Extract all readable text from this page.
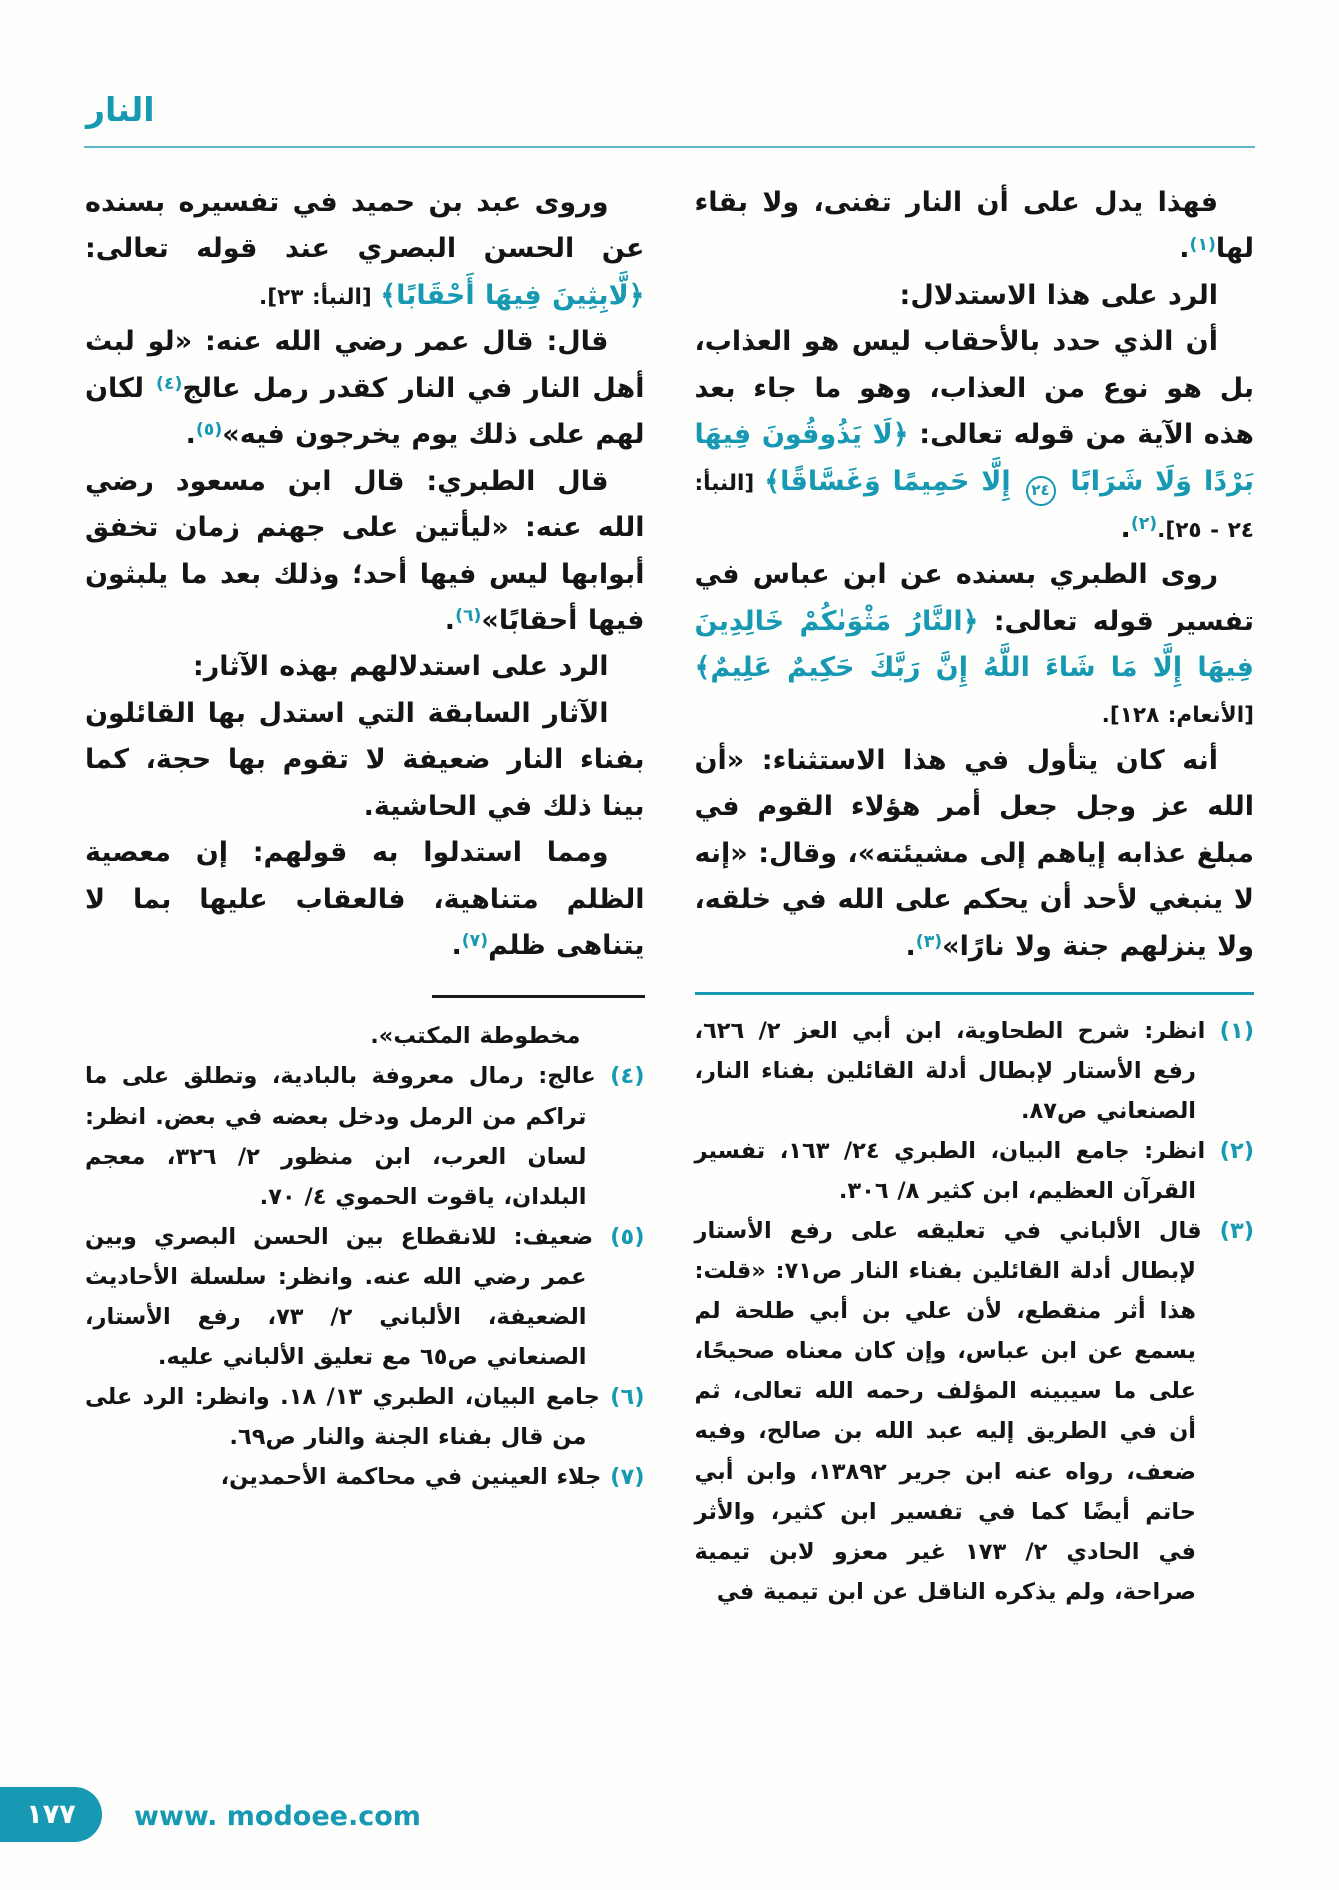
النار

فهذا يدل على أن النار تفنى، ولا بقاء لها$^{(١)}$.

الرد على هذا الاستدلال:

أن الذي حدد بالأحقاب ليس هو العذاب، بل هو نوع من العذاب، وهو ما جاء بعد هذه الآية من قوله تعالى: ﴿لَا يَذُوقُونَ فِيهَا بَرْدًا وَلَا شَرَابًا ٢٤ إِلَّا حَمِيمًا وَغَسَّاقًا﴾ [النبأ: ٢٤ - ٢٥].$^{(٢)}$.

روى الطبري بسنده عن ابن عباس في تفسير قوله تعالى: ﴿النَّارُ مَثْوَىٰكُمْ خَالِدِينَ فِيهَا إِلَّا مَا شَاءَ اللَّهُ إِنَّ رَبَّكَ حَكِيمٌ عَلِيمٌ﴾ [الأنعام: ١٢٨].

أنه كان يتأول في هذا الاستثناء: «أن الله عز وجل جعل أمر هؤلاء القوم في مبلغ عذابه إياهم إلى مشيئته»، وقال: «إنه لا ينبغي لأحد أن يحكم على الله في خلقه، ولا ينزلهم جنة ولا نارًا»$^{(٣)}$.

(١) انظر: شرح الطحاوية، ابن أبي العز ٢/ ٦٢٦، رفع الأستار لإبطال أدلة القائلين بفناء النار، الصنعاني ص٨٧.
(٢) انظر: جامع البيان، الطبري ٢٤/ ١٦٣، تفسير القرآن العظيم، ابن كثير ٨/ ٣٠٦.
(٣) قال الألباني في تعليقه على رفع الأستار لإبطال أدلة القائلين بفناء النار ص٧١: «قلت: هذا أثر منقطع، لأن علي بن أبي طلحة لم يسمع عن ابن عباس، وإن كان معناه صحيحًا، على ما سيبينه المؤلف رحمه الله تعالى، ثم أن في الطريق إليه عبد الله بن صالح، وفيه ضعف، رواه عنه ابن جرير ١٣٨٩٢، وابن أبي حاتم أيضًا كما في تفسير ابن كثير، والأثر في الحادي ٢/ ١٧٣ غير معزو لابن تيمية صراحة، ولم يذكره الناقل عن ابن تيمية في

وروى عبد بن حميد في تفسيره بسنده عن الحسن البصري عند قوله تعالى: ﴿لَّابِثِينَ فِيهَا أَحْقَابًا﴾ [النبأ: ٢٣].

قال: قال عمر رضي الله عنه: «لو لبث أهل النار في النار كقدر رمل عالج$^{(٤)}$ لكان لهم على ذلك يوم يخرجون فيه»$^{(٥)}$.

قال الطبري: قال ابن مسعود رضي الله عنه: «ليأتين على جهنم زمان تخفق أبوابها ليس فيها أحد؛ وذلك بعد ما يلبثون فيها أحقابًا»$^{(٦)}$.

الرد على استدلالهم بهذه الآثار:

الآثار السابقة التي استدل بها القائلون بفناء النار ضعيفة لا تقوم بها حجة، كما بينا ذلك في الحاشية.

ومما استدلوا به قولهم: إن معصية الظلم متناهية، فالعقاب عليها بما لا يتناهى ظلم$^{(٧)}$.

مخطوطة المكتب».
(٤) عالج: رمال معروفة بالبادية، وتطلق على ما تراكم من الرمل ودخل بعضه في بعض. انظر: لسان العرب، ابن منظور ٢/ ٣٢٦، معجم البلدان، ياقوت الحموي ٤/ ٧٠.
(٥) ضعيف: للانقطاع بين الحسن البصري وبين عمر رضي الله عنه. وانظر: سلسلة الأحاديث الضعيفة، الألباني ٢/ ٧٣، رفع الأستار، الصنعاني ص٦٥ مع تعليق الألباني عليه.
(٦) جامع البيان، الطبري ١٣/ ١٨. وانظر: الرد على من قال بفناء الجنة والنار ص٦٩.
(٧) جلاء العينين في محاكمة الأحمدين،
١٧٧	www. modoee.com
